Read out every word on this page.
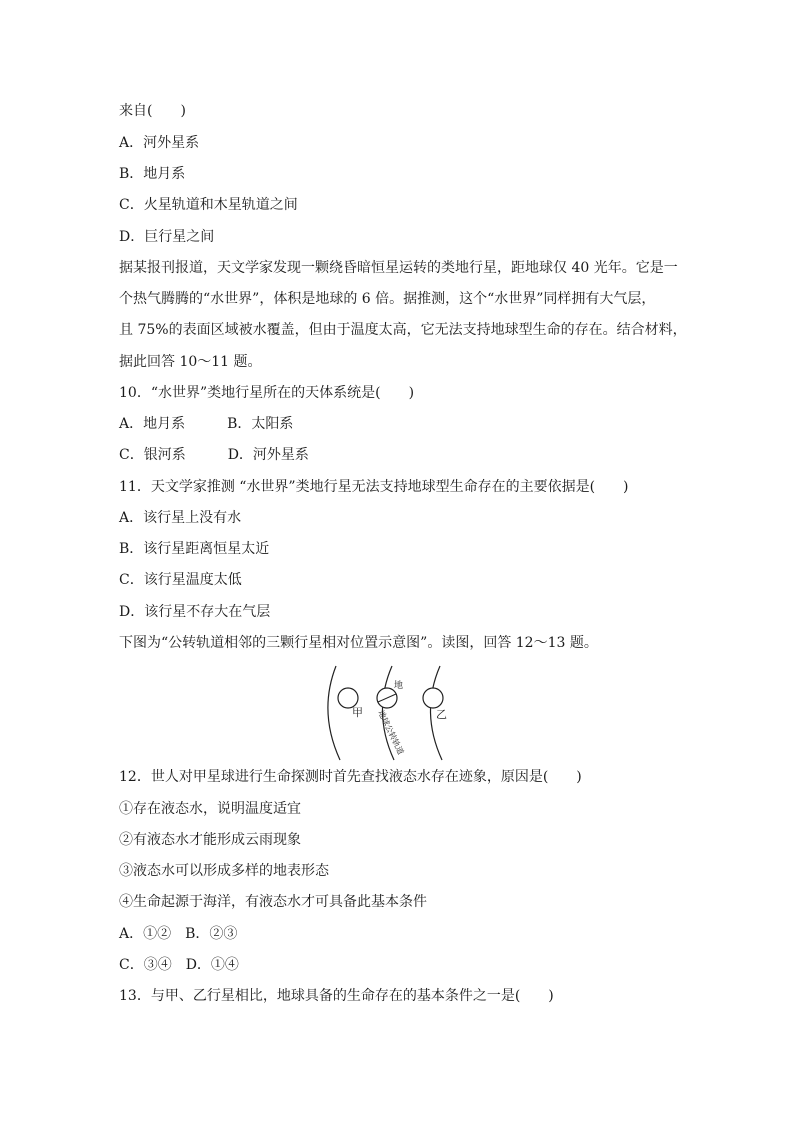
来自(　　)
A．河外星系
B．地月系
C．火星轨道和木星轨道之间
D．巨行星之间
据某报刊报道，天文学家发现一颗绕昏暗恒星运转的类地行星，距地球仅 40 光年。它是一
个热气腾腾的“水世界”，体积是地球的 6 倍。据推测，这个“水世界”同样拥有大气层，
且 75%的表面区域被水覆盖，但由于温度太高，它无法支持地球型生命的存在。结合材料，
据此回答 10～11 题。
10．“水世界”类地行星所在的天体系统是(　　)
A．地月系　　　B．太阳系
C．银河系　　　D．河外星系
11．天文学家推测 “水世界”类地行星无法支持地球型生命存在的主要依据是(　　)
A．该行星上没有水
B．该行星距离恒星太近
C．该行星温度太低
D．该行星不存大在气层
下图为“公转轨道相邻的三颗行星相对位置示意图”。读图，回答 12～13 题。
甲
地
乙
地球公转轨道
12．世人对甲星球进行生命探测时首先查找液态水存在迹象，原因是(　　)
①存在液态水，说明温度适宜
②有液态水才能形成云雨现象
③液态水可以形成多样的地表形态
④生命起源于海洋，有液态水才可具备此基本条件
A．①②　B．②③
C．③④　D．①④
13．与甲、乙行星相比，地球具备的生命存在的基本条件之一是(　　)
